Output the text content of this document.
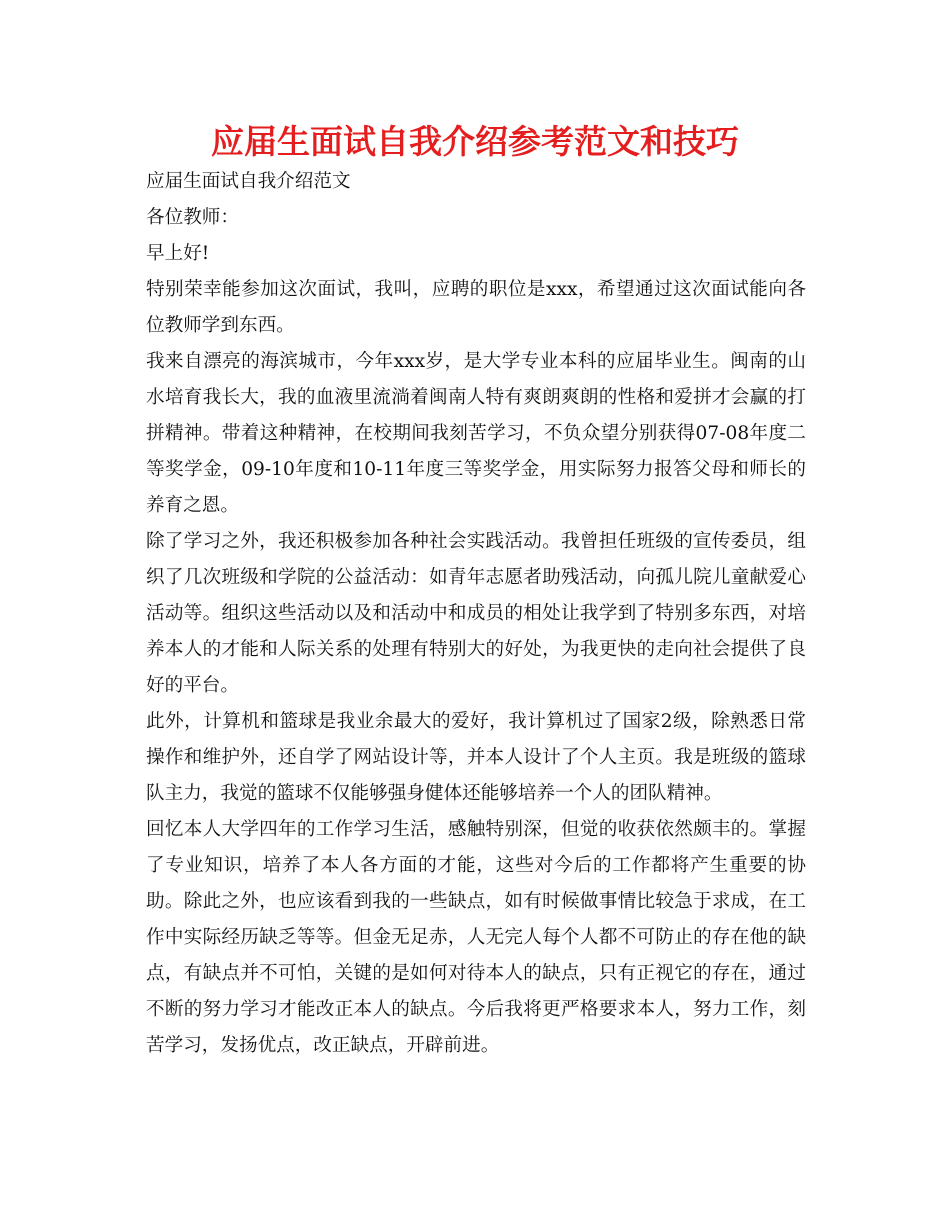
应届生面试自我介绍参考范文和技巧

应届生面试自我介绍范文

各位教师：

早上好!

特别荣幸能参加这次面试，我叫，应聘的职位是xxx，希望通过这次面试能向各位教师学到东西。

我来自漂亮的海滨城市，今年xxx岁，是大学专业本科的应届毕业生。闽南的山水培育我长大，我的血液里流淌着闽南人特有爽朗爽朗的性格和爱拼才会赢的打拼精神。带着这种精神，在校期间我刻苦学习，不负众望分别获得07-08年度二等奖学金，09-10年度和10-11年度三等奖学金，用实际努力报答父母和师长的养育之恩。

除了学习之外，我还积极参加各种社会实践活动。我曾担任班级的宣传委员，组织了几次班级和学院的公益活动：如青年志愿者助残活动，向孤儿院儿童献爱心活动等。组织这些活动以及和活动中和成员的相处让我学到了特别多东西，对培养本人的才能和人际关系的处理有特别大的好处，为我更快的走向社会提供了良好的平台。

此外，计算机和篮球是我业余最大的爱好，我计算机过了国家2级，除熟悉日常操作和维护外，还自学了网站设计等，并本人设计了个人主页。我是班级的篮球队主力，我觉的篮球不仅能够强身健体还能够培养一个人的团队精神。

回忆本人大学四年的工作学习生活，感触特别深，但觉的收获依然颇丰的。掌握了专业知识，培养了本人各方面的才能，这些对今后的工作都将产生重要的协助。除此之外，也应该看到我的一些缺点，如有时候做事情比较急于求成，在工作中实际经历缺乏等等。但金无足赤，人无完人每个人都不可防止的存在他的缺点，有缺点并不可怕，关键的是如何对待本人的缺点，只有正视它的存在，通过不断的努力学习才能改正本人的缺点。今后我将更严格要求本人，努力工作，刻苦学习，发扬优点，改正缺点，开辟前进。
